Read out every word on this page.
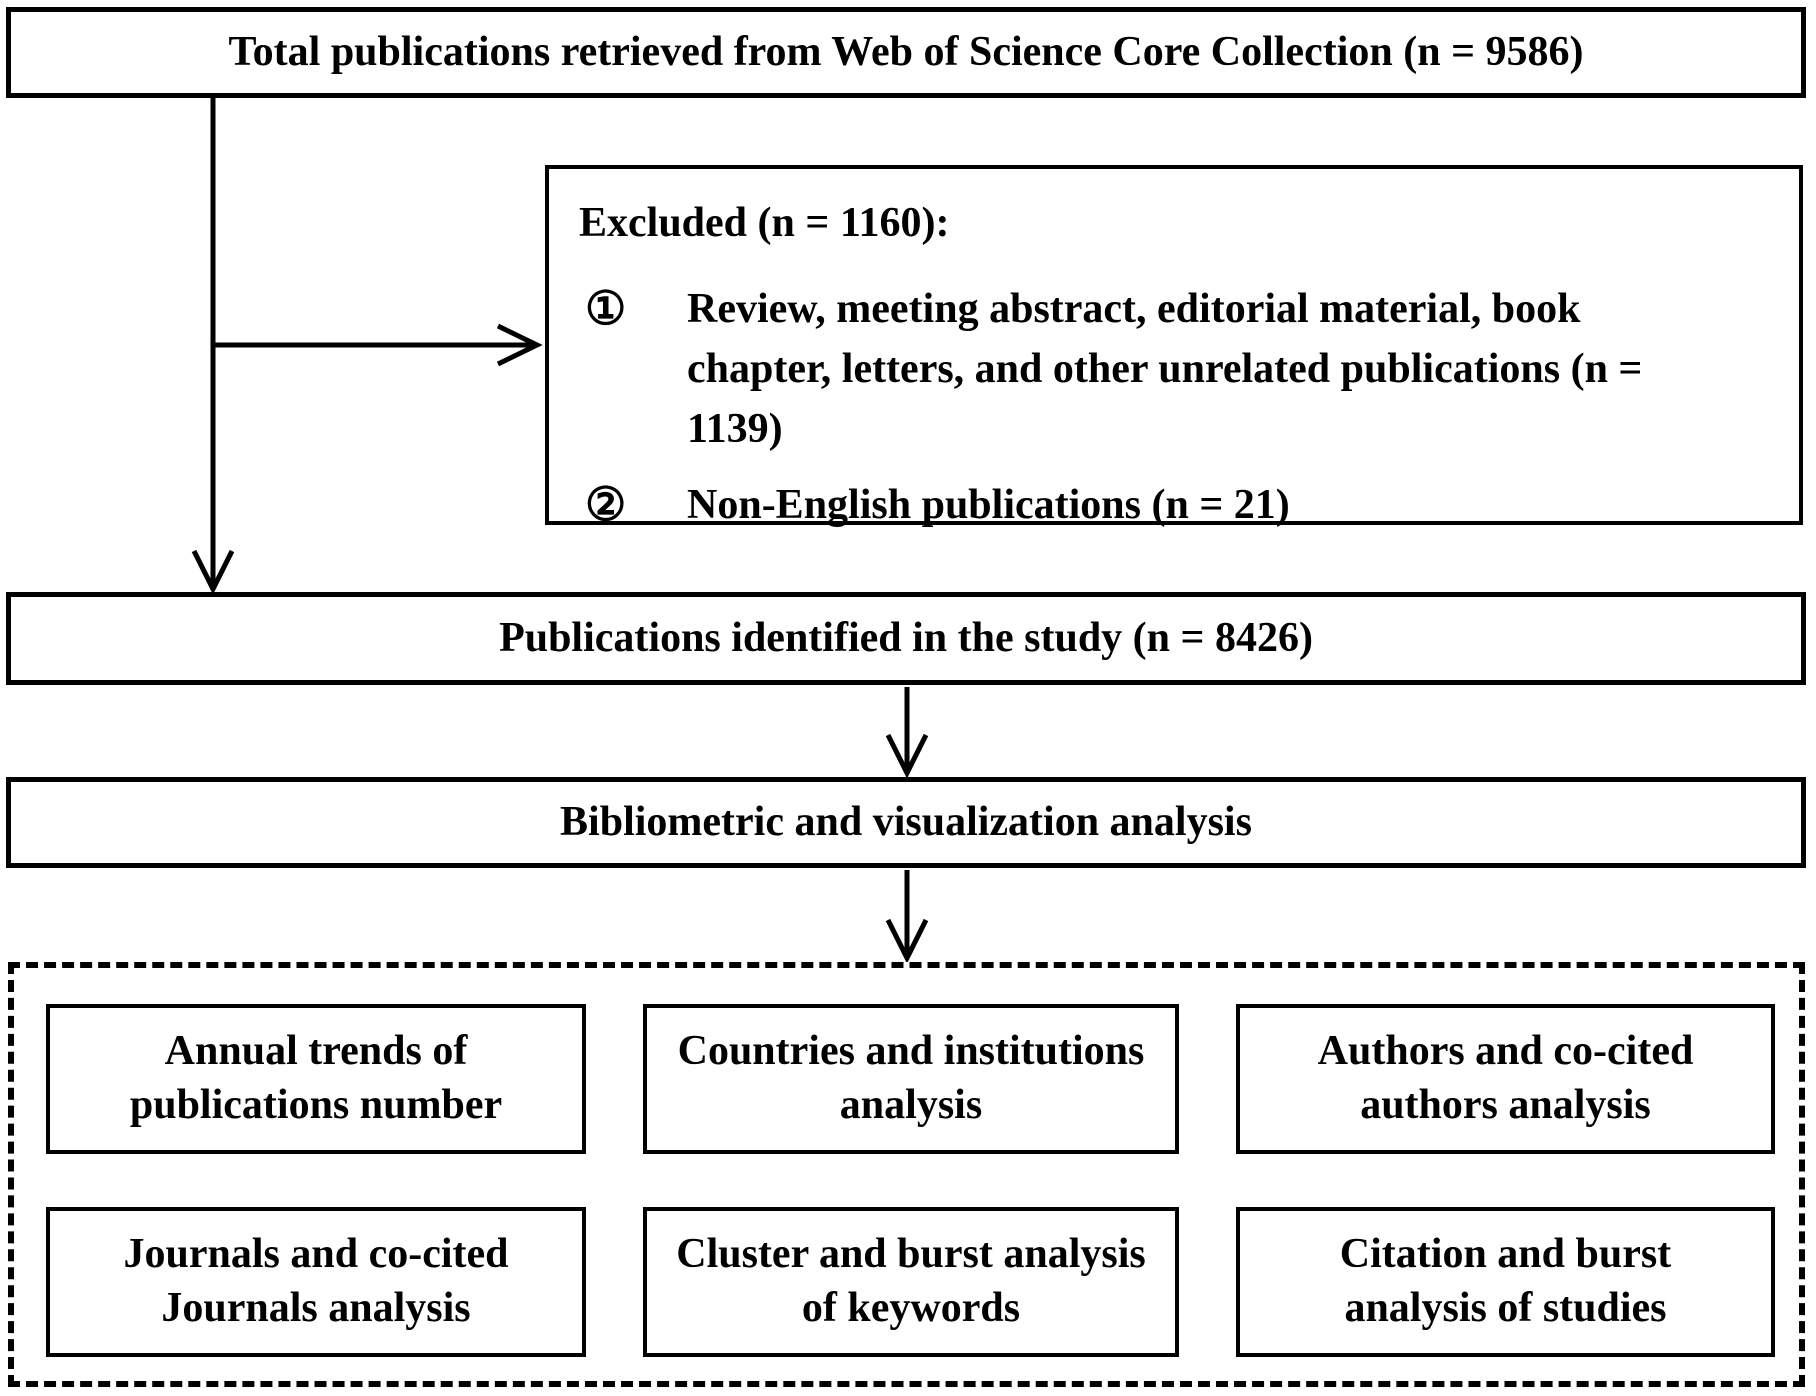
Total publications retrieved from Web of Science Core Collection (n = 9586)
Excluded (n = 1160):
①	Review, meeting abstract, editorial material, book chapter, letters, and other unrelated publications (n = 1139)
②	Non-English publications (n = 21)
Publications identified in the study (n = 8426)
Bibliometric and visualization analysis
Annual trends of publications number
Countries and institutions analysis
Authors and co-cited authors analysis
Journals and co-cited Journals analysis
Cluster and burst analysis of keywords
Citation and burst analysis of studies
